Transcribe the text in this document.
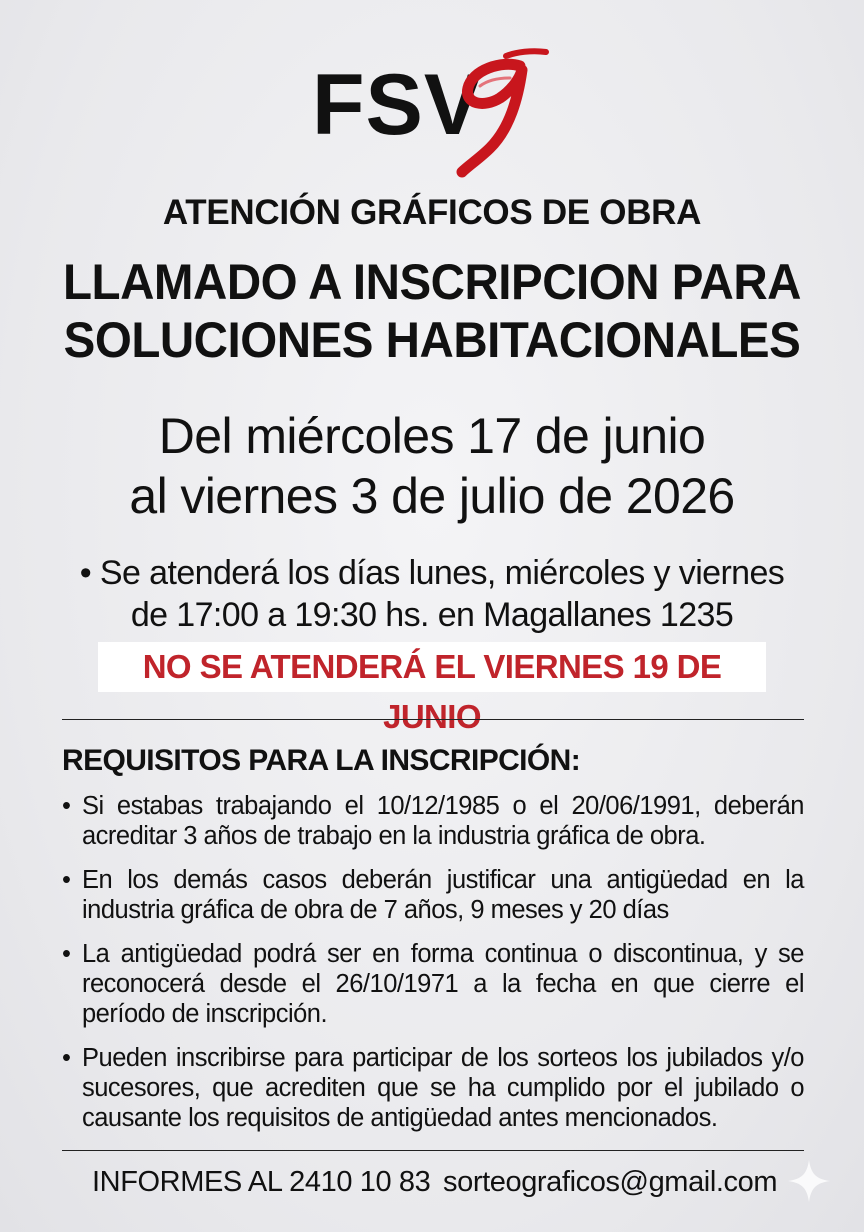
FSV
ATENCIÓN GRÁFICOS DE OBRA
LLAMADO A INSCRIPCION PARA
SOLUCIONES HABITACIONALES
Del miércoles 17 de junio
al viernes 3 de julio de 2026
• Se atenderá los días lunes, miércoles y viernes
de 17:00 a 19:30 hs. en Magallanes 1235
NO SE ATENDERÁ EL VIERNES 19 DE JUNIO
REQUISITOS PARA LA INSCRIPCIÓN:
• Si estabas trabajando el 10/12/1985 o el 20/06/1991, deberán acreditar 3 años de trabajo en la industria gráfica de obra.
• En los demás casos deberán justificar una antigüedad en la industria gráfica de obra de 7 años, 9 meses y 20 días
• La antigüedad podrá ser en forma continua o discontinua, y se reconocerá desde el 26/10/1971 a la fecha en que cierre el período de inscripción.
• Pueden inscribirse para participar de los sorteos los jubilados y/o sucesores, que acrediten que se ha cumplido por el jubilado o causante los requisitos de antigüedad antes mencionados.
INFORMES AL 2410 10 83 sorteograficos@gmail.com
